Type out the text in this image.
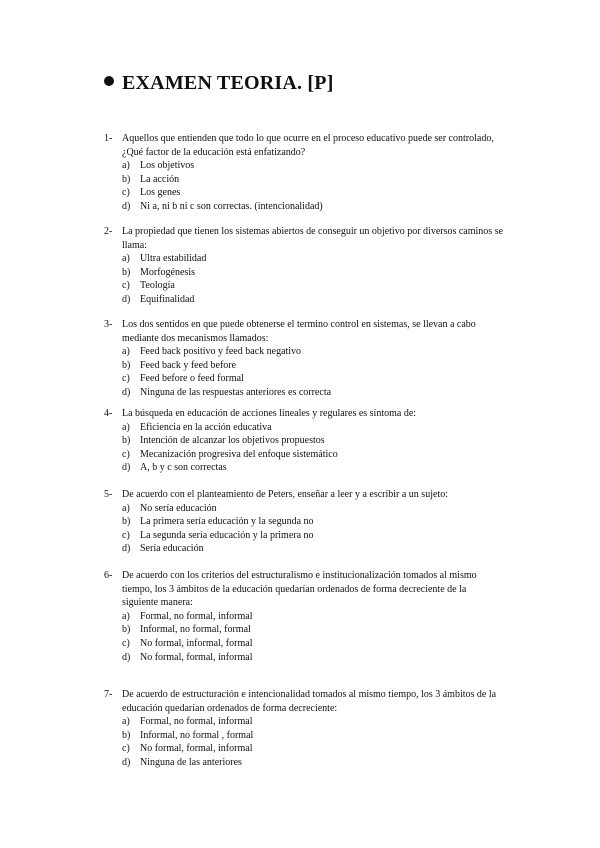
EXAMEN TEORIA. [P]
1- Aquellos que entienden que todo lo que ocurre en el proceso educativo puede ser controlado, ¿Qué factor de la educación está enfatizando?
a)	Los objetivos
b) La acción
c)	Los genes
d) Ni a, ni b ni c son correctas. (intencionalidad)
2- La propiedad que tienen los sistemas abiertos de conseguir un objetivo por diversos caminos se llama:
a)	Ultra estabilidad
b) Morfogénesis
c)	Teología
d) Equifinalidad
3- Los dos sentidos en que puede obtenerse el termino control en sistemas, se llevan a cabo mediante dos mecanismos llamados:
a)	Feed back positivo y feed back negativo
b) Feed back y feed before
c)	Feed before o feed formal
d) Ninguna de las respuestas anteriores es correcta
4- La búsqueda en educación de acciones lineales y regulares es síntoma de:
a)	Eficiencia en la acción educativa
b) Intención de alcanzar los objetivos propuestos
c)	Mecanización progresiva del enfoque sistemático
d) A, b y c son correctas
5- De acuerdo con el planteamiento de Peters, enseñar a leer y a escribir a un sujeto:
a)	No sería educación
b) La primera sería educación y la segunda no
c)	La segunda sería educación y la primera no
d) Sería educación
6- De acuerdo con los criterios del estructuralismo e institucionalización tomados al mismo tiempo, los 3 ámbitos de la educación quedarían ordenados de forma decreciente de la siguiente manera:
a)	Formal, no formal, informal
b) Informal, no formal, formal
c)	No formal, informal, formal
d) No formal, formal, informal
7- De acuerdo de estructuración e intencionalidad tomados al mismo tiempo, los 3 ámbitos de la educación quedarían ordenados de forma decreciente:
a)	Formal, no formal, informal
b) Informal, no formal , formal
c)	No formal, formal, informal
d) Ninguna de las anteriores
